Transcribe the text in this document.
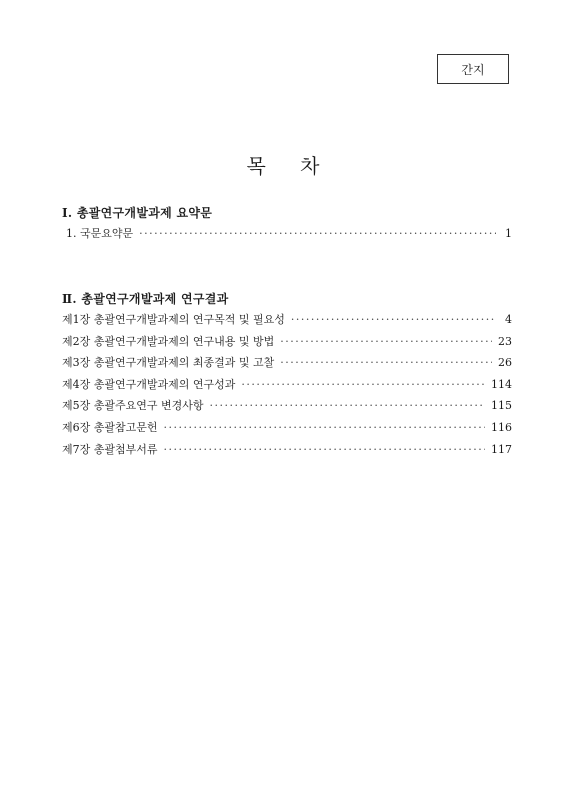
간지
목 차
Ⅰ. 총괄연구개발과제 요약문
1. 국문요약문 ·····	1
Ⅱ. 총괄연구개발과제 연구결과
제1장 총괄연구개발과제의 연구목적 및 필요성 ·····	4
제2장 총괄연구개발과제의 연구내용 및 방법 ·····	23
제3장 총괄연구개발과제의 최종결과 및 고찰 ·····	26
제4장 총괄연구개발과제의 연구성과 ·····	114
제5장 총괄주요연구 변경사항 ·····	115
제6장 총괄참고문헌 ·····	116
제7장 총괄첨부서류 ·····	117
